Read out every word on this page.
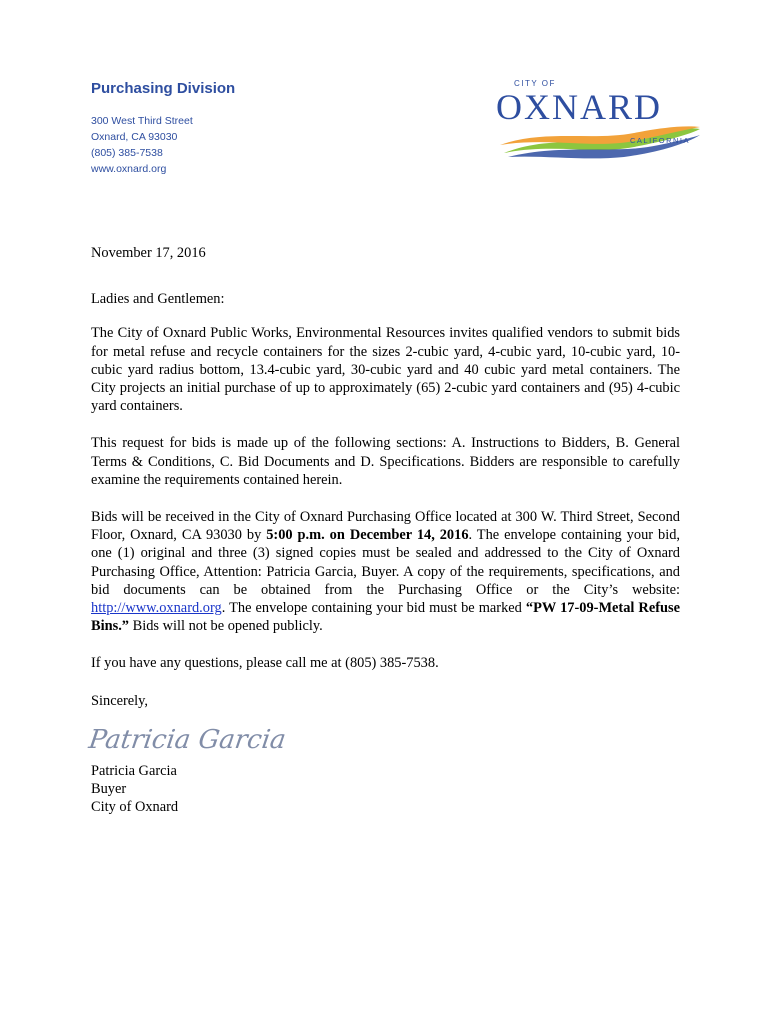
Purchasing Division
300 West Third Street
Oxnard, CA 93030
(805) 385-7538
www.oxnard.org
CITY OF
OXNARD
CALIFORNIA

November 17, 2016

Ladies and Gentlemen:

The City of Oxnard Public Works, Environmental Resources invites qualified vendors to submit bids for metal refuse and recycle containers for the sizes 2-cubic yard, 4-cubic yard, 10-cubic yard, 10-cubic yard radius bottom, 13.4-cubic yard, 30-cubic yard and 40 cubic yard metal containers. The City projects an initial purchase of up to approximately (65) 2-cubic yard containers and (95) 4-cubic yard containers.

This request for bids is made up of the following sections: A. Instructions to Bidders, B. General Terms & Conditions, C. Bid Documents and D. Specifications. Bidders are responsible to carefully examine the requirements contained herein.

Bids will be received in the City of Oxnard Purchasing Office located at 300 W. Third Street, Second Floor, Oxnard, CA 93030 by 5:00 p.m. on December 14, 2016. The envelope containing your bid, one (1) original and three (3) signed copies must be sealed and addressed to the City of Oxnard Purchasing Office, Attention: Patricia Garcia, Buyer. A copy of the requirements, specifications, and bid documents can be obtained from the Purchasing Office or the City’s website: http://www.oxnard.org. The envelope containing your bid must be marked “PW 17-09-Metal Refuse Bins.” Bids will not be opened publicly.

If you have any questions, please call me at (805) 385-7538.

Sincerely,

Patricia Garcia

Patricia Garcia

Buyer

City of Oxnard
